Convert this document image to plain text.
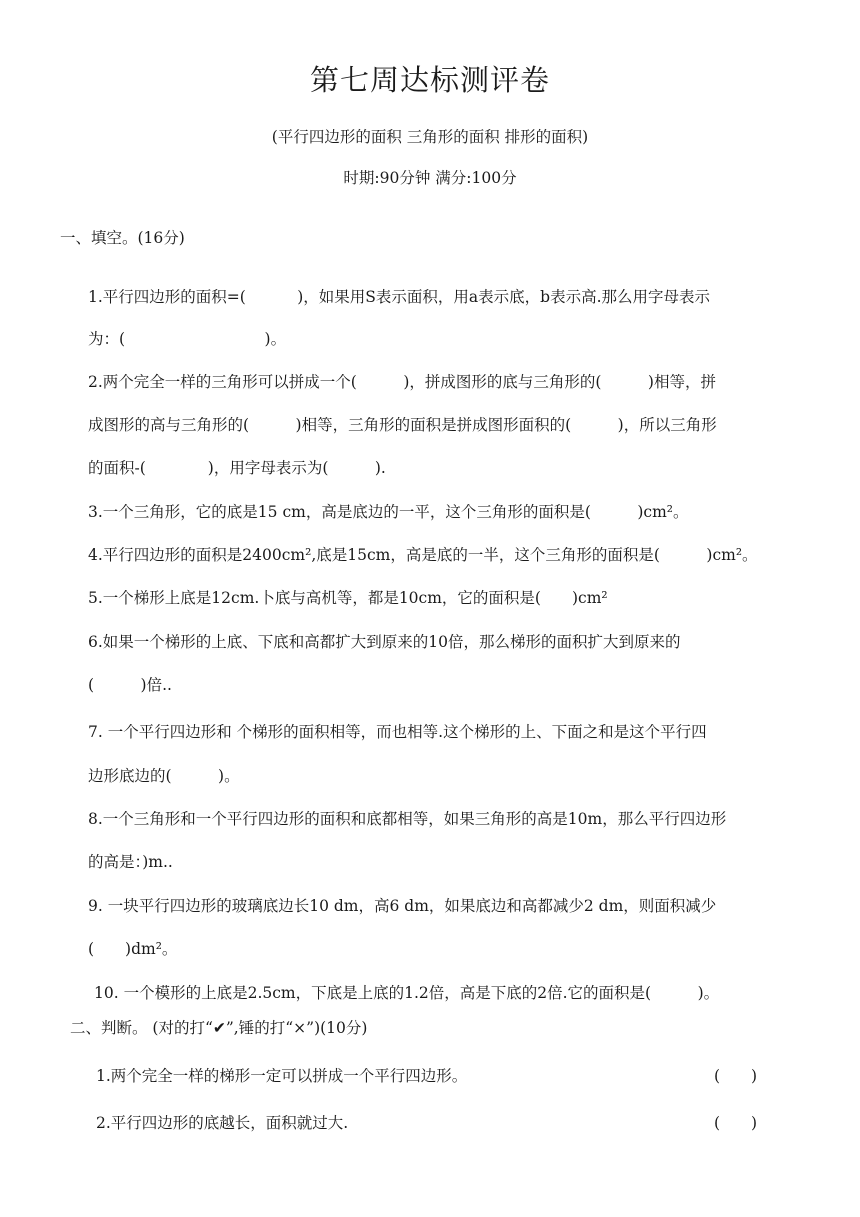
第七周达标测评卷
(平行四边形的面积 三角形的面积 排形的面积)
时期:90分钟 满分:100分
一、填空。(16分)
1.平行四边形的面积=(　　　 )，如果用S表示面积，用a表示底，b表示高.那么用字母表示
为：(　　　　　　　　　)。
2.两个完全一样的三角形可以拼成一个(　　　)，拼成图形的底与三角形的(　　　)相等，拼
成图形的高与三角形的(　　　)相等，三角形的面积是拼成图形面积的(　　　)，所以三角形
的面积-(　　　　)，用字母表示为(　　　).
3.一个三角形，它的底是15 cm，高是底边的一平，这个三角形的面积是(　　　)cm²。
4.平行四边形的面积是2400cm²,底是15cm，高是底的一半，这个三角形的面积是(　　　)cm²。
5.一个梯形上底是12cm.卜底与高机等，都是10cm，它的面积是(　　)cm²
6.如果一个梯形的上底、下底和高都扩大到原来的10倍，那么梯形的面积扩大到原来的
(　　　)倍..
7. 一个平行四边形和 个梯形的面积相等，而也相等.这个梯形的上、下面之和是这个平行四
边形底边的(　　　)。
8.一个三角形和一个平行四边形的面积和底都相等，如果三角形的高是10m，那么平行四边形
的高是：)m..
9. 一块平行四边形的玻璃底边长10 dm，高6 dm，如果底边和高都减少2 dm，则面积减少
(　　)dm²。
10. 一个模形的上底是2.5cm，下底是上底的1.2倍，高是下底的2倍.它的面积是(　　　)。
二、判断。 (对的打“✔”,锤的打“×”)(10分)
1.两个完全一样的梯形一定可以拼成一个平行四边形。	(　　)
2.平行四边形的底越长，面积就过大.	(　　)
